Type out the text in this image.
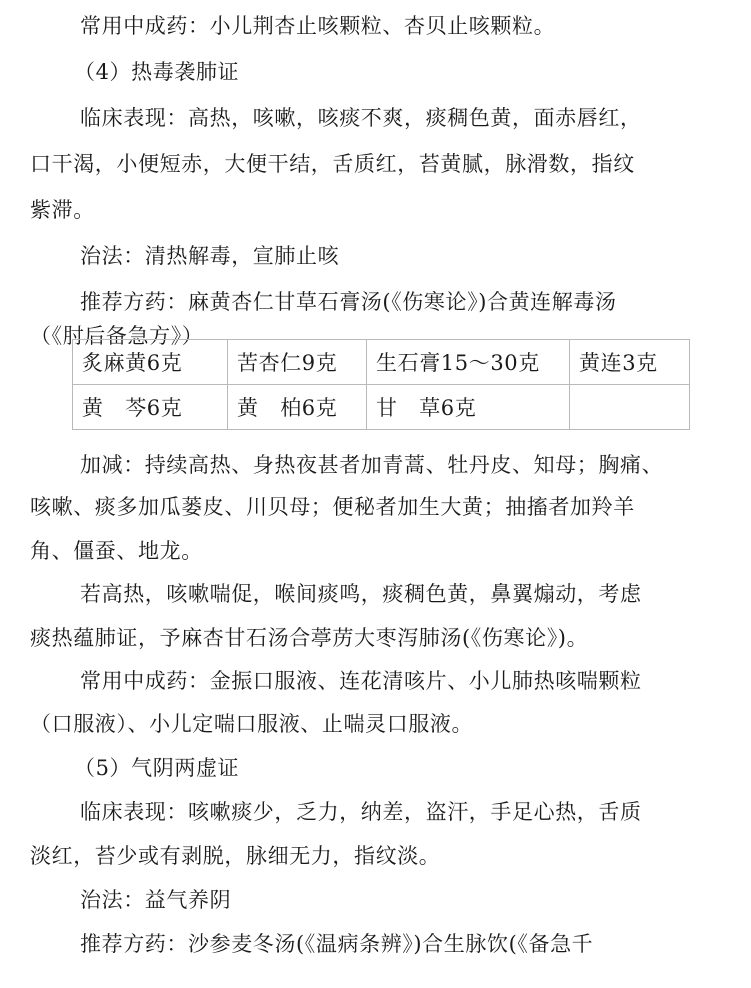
常用中成药：小儿荆杏止咳颗粒、杏贝止咳颗粒。
（4）热毒袭肺证
临床表现：高热，咳嗽，咳痰不爽，痰稠色黄，面赤唇红，
口干渴，小便短赤，大便干结，舌质红，苔黄腻，脉滑数，指纹
紫滞。
治法：清热解毒，宣肺止咳
推荐方药：麻黄杏仁甘草石膏汤(《伤寒论》)合黄连解毒汤
（《肘后备急方》）
炙麻黄6克	苦杏仁9克	生石膏15～30克	黄连3克
黄　芩6克	黄　柏6克	甘　草6克	
加减：持续高热、身热夜甚者加青蒿、牡丹皮、知母；胸痛、
咳嗽、痰多加瓜蒌皮、川贝母；便秘者加生大黄；抽搐者加羚羊
角、僵蚕、地龙。
若高热，咳嗽喘促，喉间痰鸣，痰稠色黄，鼻翼煽动，考虑
痰热蕴肺证，予麻杏甘石汤合葶苈大枣泻肺汤(《伤寒论》)。
常用中成药：金振口服液、连花清咳片、小儿肺热咳喘颗粒
（口服液）、小儿定喘口服液、止喘灵口服液。
（5）气阴两虚证
临床表现：咳嗽痰少，乏力，纳差，盗汗，手足心热，舌质
淡红，苔少或有剥脱，脉细无力，指纹淡。
治法：益气养阴
推荐方药：沙参麦冬汤(《温病条辨》)合生脉饮(《备急千
